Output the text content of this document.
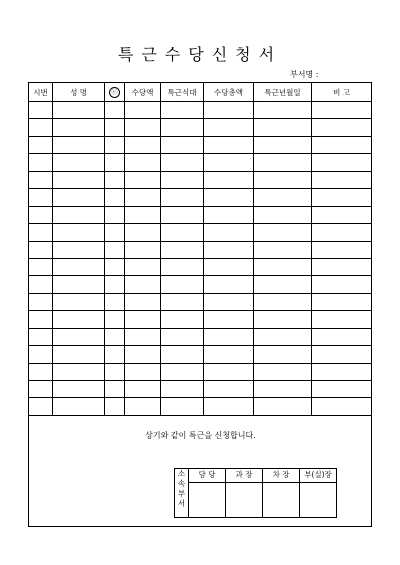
특근수당신청서
부서명 :
시번	성 명	ⓔ	수당액	특근식대	수당총액	특근년월일	비 고

상기와 같이 특근을 신청합니다.
소
속
부
서
	담 당	과 장	차 장	부(실)장
